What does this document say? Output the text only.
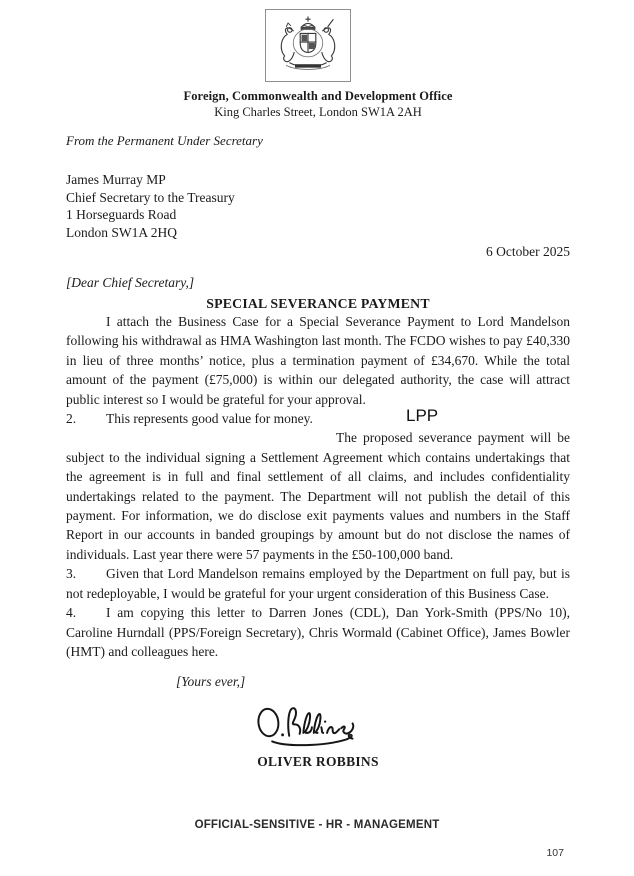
Foreign, Commonwealth and Development Office
King Charles Street, London SW1A 2AH
From the Permanent Under Secretary
James Murray MP
Chief Secretary to the Treasury
1 Horseguards Road
London SW1A 2HQ
6 October 2025
[Dear Chief Secretary,]
SPECIAL SEVERANCE PAYMENT

I attach the Business Case for a Special Severance Payment to Lord Mandelson following his withdrawal as HMA Washington last month. The FCDO wishes to pay £40,330 in lieu of three months’ notice, plus a termination payment of £34,670. While the total amount of the payment (£75,000) is within our delegated authority, the case will attract public interest so I would be grateful for your approval.

2. This represents good value for money.	LPP

The proposed severance payment will be subject to the individual signing a Settlement Agreement which contains undertakings that the agreement is in full and final settlement of all claims, and includes confidentiality undertakings related to the payment. The Department will not publish the detail of this payment. For information, we do disclose exit payments values and numbers in the Staff Report in our accounts in banded groupings by amount but do not disclose the names of individuals. Last year there were 57 payments in the £50-100,000 band.

3. Given that Lord Mandelson remains employed by the Department on full pay, but is not redeployable, I would be grateful for your urgent consideration of this Business Case.

4. I am copying this letter to Darren Jones (CDL), Dan York-Smith (PPS/No 10), Caroline Hurndall (PPS/Foreign Secretary), Chris Wormald (Cabinet Office), James Bowler (HMT) and colleagues here.

[Yours ever,]
OLIVER ROBBINS
OFFICIAL-SENSITIVE - HR - MANAGEMENT
107
